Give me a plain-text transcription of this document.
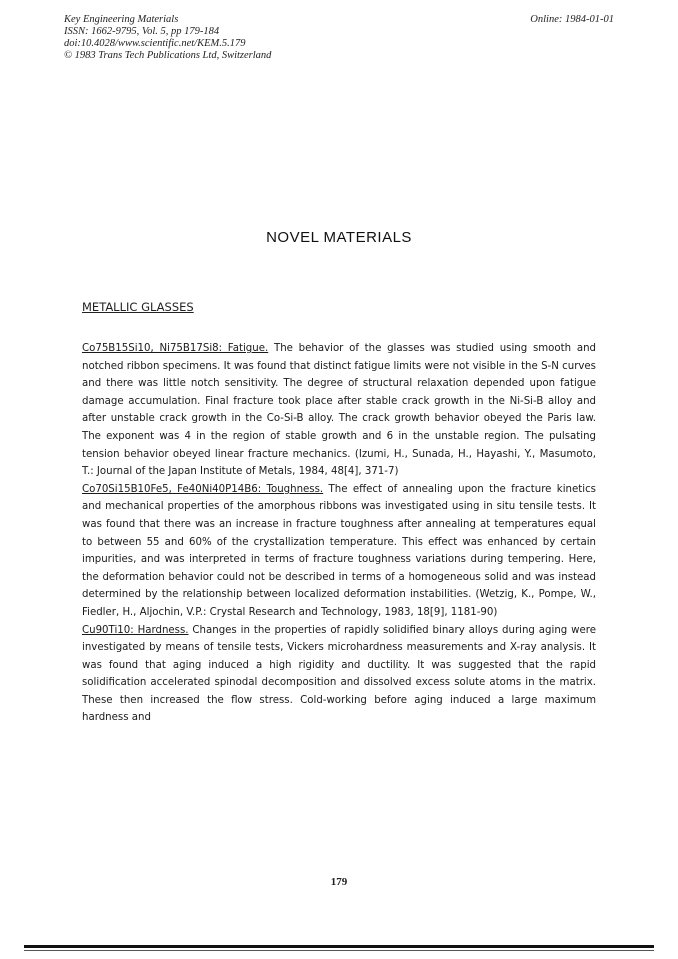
Key Engineering Materials
ISSN: 1662-9795, Vol. 5, pp 179-184
doi:10.4028/www.scientific.net/KEM.5.179
© 1983 Trans Tech Publications Ltd, Switzerland
Online: 1984-01-01
NOVEL MATERIALS
METALLIC GLASSES

Co75B15Si10, Ni75B17Si8: Fatigue. The behavior of the glasses was studied using smooth and notched ribbon specimens. It was found that distinct fatigue limits were not visible in the S-N curves and there was little notch sensitivity. The degree of structural relaxation depended upon fatigue damage accumulation. Final fracture took place after stable crack growth in the Ni-Si-B alloy and after unstable crack growth in the Co-Si-B alloy. The crack growth behavior obeyed the Paris law. The exponent was 4 in the region of stable growth and 6 in the unstable region. The pulsating tension behavior obeyed linear fracture mechanics. (Izumi, H., Sunada, H., Hayashi, Y., Masumoto, T.: Journal of the Japan Institute of Metals, 1984, 48[4], 371-7)

Co70Si15B10Fe5, Fe40Ni40P14B6: Toughness. The effect of annealing upon the fracture kinetics and mechanical properties of the amorphous ribbons was investigated using in situ tensile tests. It was found that there was an increase in fracture toughness after annealing at temperatures equal to between 55 and 60% of the crystallization temperature. This effect was enhanced by certain impurities, and was interpreted in terms of fracture toughness variations during tempering. Here, the deformation behavior could not be described in terms of a homogeneous solid and was instead determined by the relationship between localized deformation instabilities. (Wetzig, K., Pompe, W., Fiedler, H., Aljochin, V.P.: Crystal Research and Technology, 1983, 18[9], 1181-90)

Cu90Ti10: Hardness. Changes in the properties of rapidly solidified binary alloys during aging were investigated by means of tensile tests, Vickers microhardness measurements and X-ray analysis. It was found that aging induced a high rigidity and ductility. It was suggested that the rapid solidification accelerated spinodal decomposition and dissolved excess solute atoms in the matrix. These then increased the flow stress. Cold-working before aging induced a large maximum hardness and

179
